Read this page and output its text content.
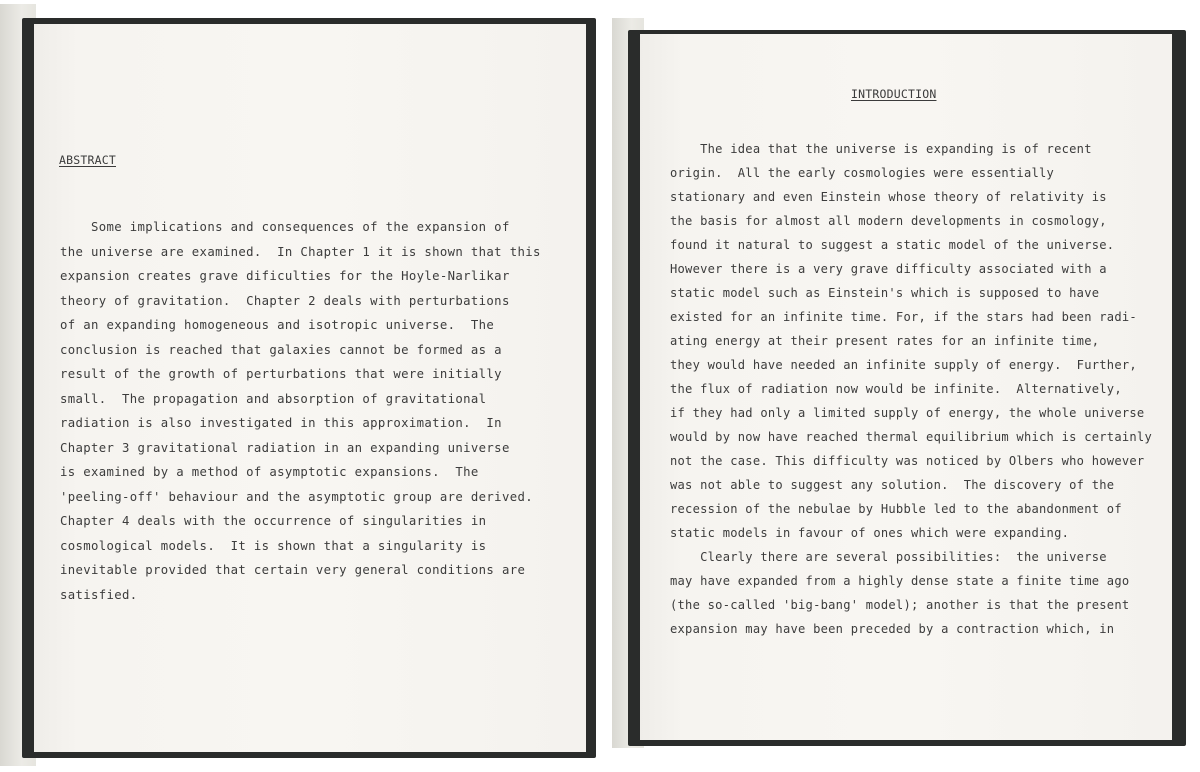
ABSTRACT
Some implications and consequences of the expansion of
the universe are examined.  In Chapter 1 it is shown that this
expansion creates grave dificulties for the Hoyle-Narlikar
theory of gravitation.  Chapter 2 deals with perturbations
of an expanding homogeneous and isotropic universe.  The
conclusion is reached that galaxies cannot be formed as a
result of the growth of perturbations that were initially
small.  The propagation and absorption of gravitational
radiation is also investigated in this approximation.  In
Chapter 3 gravitational radiation in an expanding universe
is examined by a method of asymptotic expansions.  The
'peeling-off' behaviour and the asymptotic group are derived.
Chapter 4 deals with the occurrence of singularities in
cosmological models.  It is shown that a singularity is
inevitable provided that certain very general conditions are
satisfied.
INTRODUCTION
The idea that the universe is expanding is of recent
origin.  All the early cosmologies were essentially
stationary and even Einstein whose theory of relativity is
the basis for almost all modern developments in cosmology,
found it natural to suggest a static model of the universe.
However there is a very grave difficulty associated with a
static model such as Einstein's which is supposed to have
existed for an infinite time. For, if the stars had been radi-
ating energy at their present rates for an infinite time,
they would have needed an infinite supply of energy.  Further,
the flux of radiation now would be infinite.  Alternatively,
if they had only a limited supply of energy, the whole universe
would by now have reached thermal equilibrium which is certainly
not the case. This difficulty was noticed by Olbers who however
was not able to suggest any solution.  The discovery of the
recession of the nebulae by Hubble led to the abandonment of
static models in favour of ones which were expanding.
Clearly there are several possibilities:  the universe
may have expanded from a highly dense state a finite time ago
(the so-called 'big-bang' model); another is that the present
expansion may have been preceded by a contraction which, in
